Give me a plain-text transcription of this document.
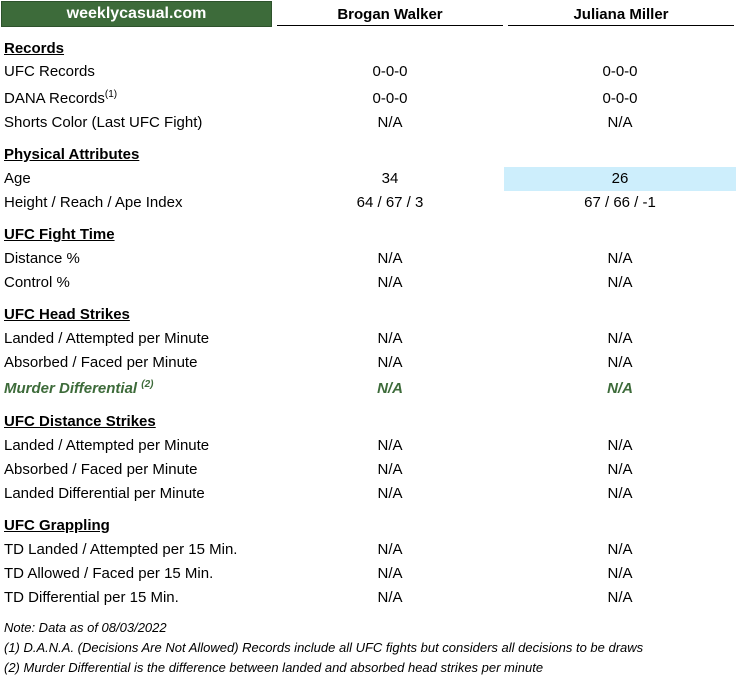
weeklycasual.com	Brogan Walker	Juliana Miller
Records
UFC Records	0-0-0	0-0-0
DANA Records$^{(1)}$	0-0-0	0-0-0
Shorts Color (Last UFC Fight)	N/A	N/A
Physical Attributes
Age	34	26
Height / Reach / Ape Index	64 / 67 / 3	67 / 66 / -1
UFC Fight Time
Distance %	N/A	N/A
Control %	N/A	N/A
UFC Head Strikes
Landed / Attempted per Minute	N/A	N/A
Absorbed / Faced per Minute	N/A	N/A
Murder Differential $^{(2)}$	N/A	N/A
UFC Distance Strikes
Landed / Attempted per Minute	N/A	N/A
Absorbed / Faced per Minute	N/A	N/A
Landed Differential per Minute	N/A	N/A
UFC Grappling
TD Landed / Attempted per 15 Min.	N/A	N/A
TD Allowed / Faced per 15 Min.	N/A	N/A
TD Differential per 15 Min.	N/A	N/A
Note: Data as of 08/03/2022
(1) D.A.N.A. (Decisions Are Not Allowed) Records include all UFC fights but considers all decisions to be draws
(2) Murder Differential is the difference between landed and absorbed head strikes per minute
